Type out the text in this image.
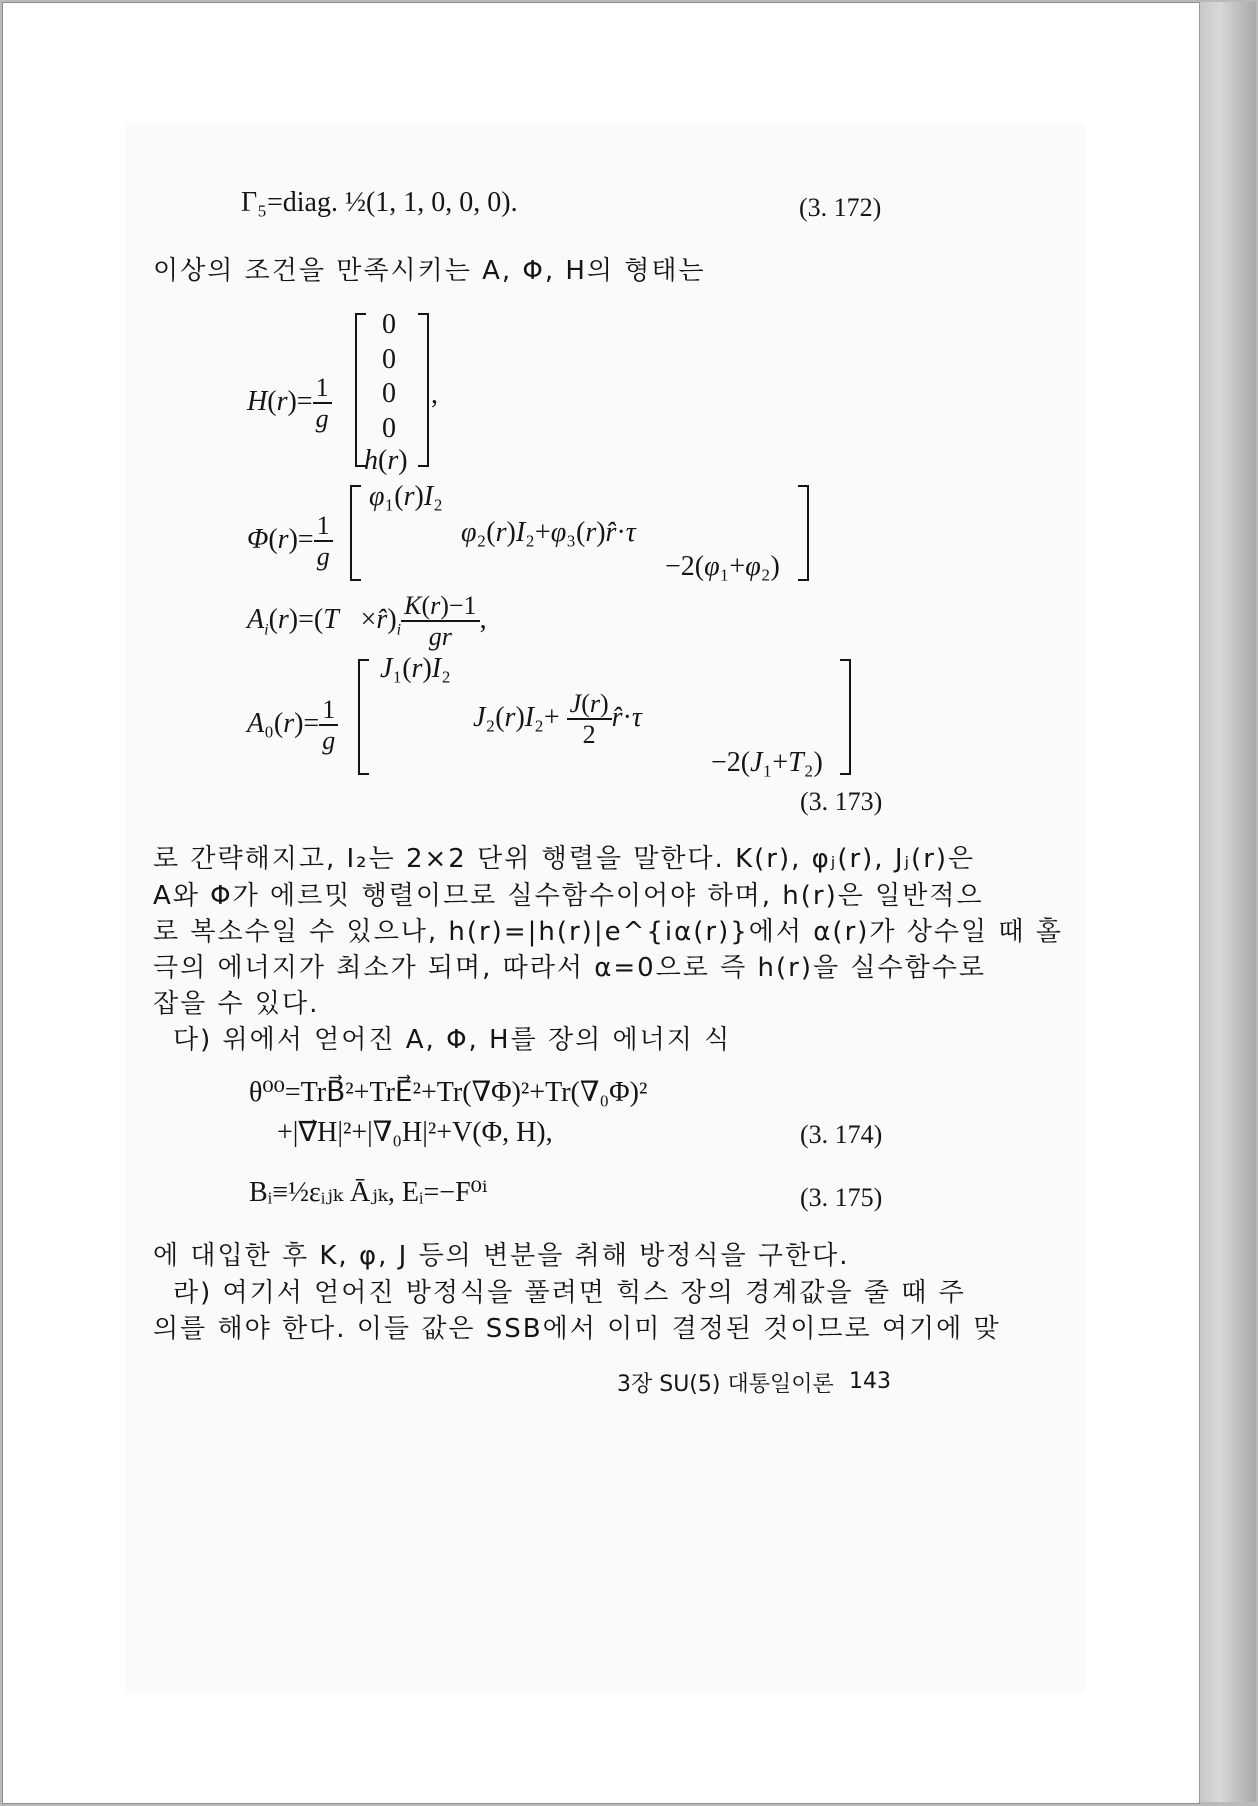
Γ₅=diag. ½(1, 1, 0, 0, 0).	(3. 172)
이상의 조건을 만족시키는 A, Φ, H의 형태는
$H(r)= \frac{1}{g}$
0
0
0
0
h(r)
,
$\Phi(r)= \frac{1}{g}$
φ₁(r)I₂
φ₂(r)I₂+φ₃(r)r̂·τ⃗
−2(φ₁+φ₂)
$A_i(r)=(T⃗\times r̂)_i \frac{K(r)-1}{gr}$ ,
$A_0(r)= \frac{1}{g}$
J₁(r)I₂
$J_2(r)I_2+ \frac{J(r)}{2}$ r̂·τ⃗
−2(J₁+T₂)
(3. 173)
로 간략해지고, I₂는 2×2 단위 행렬을 말한다. K(r), φⱼ(r), Jⱼ(r)은
A와 Φ가 에르밋 행렬이므로 실수함수이어야 하며, h(r)은 일반적으
로 복소수일 수 있으나, h(r)=|h(r)|e^{iα(r)}에서 α(r)가 상수일 때 홀
극의 에너지가 최소가 되며, 따라서 α=0으로 즉 h(r)을 실수함수로
잡을 수 있다.
다) 위에서 얻어진 A, Φ, H를 장의 에너지 식
θ⁰⁰=TrB⃗²+TrE⃗²+Tr(∇Φ)²+Tr(∇₀Φ)²
+|∇⃗H|²+|∇₀H|²+V(Φ, H),	(3. 174)
Bᵢ≡½εᵢⱼₖ Āⱼₖ, Eᵢ=−F⁰ⁱ	(3. 175)
에 대입한 후 K, φ, J 등의 변분을 취해 방정식을 구한다.
라) 여기서 얻어진 방정식을 풀려면 힉스 장의 경계값을 줄 때 주
의를 해야 한다. 이들 값은 SSB에서 이미 결정된 것이므로 여기에 맞
3장 SU(5) 대통일이론 143
